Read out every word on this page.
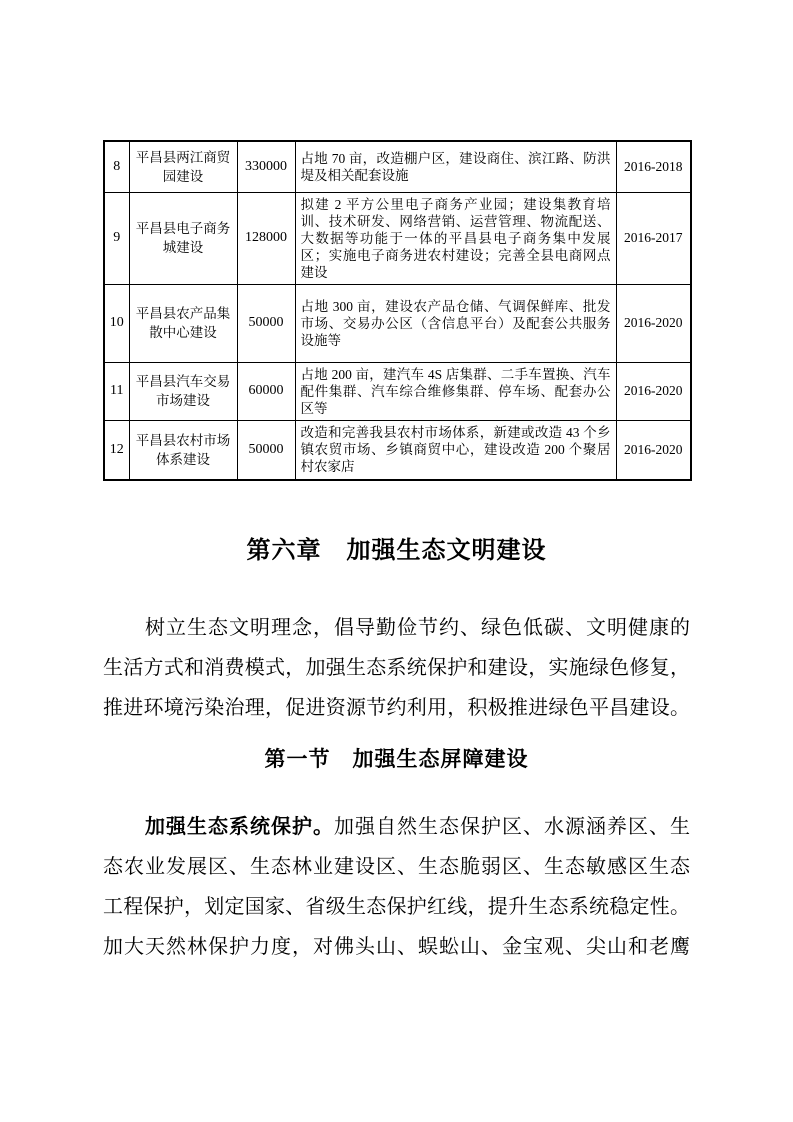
8	平昌县两江商贸园建设	330000	占地 70 亩，改造棚户区，建设商住、滨江路、防洪堤及相关配套设施	2016-2018
9	平昌县电子商务城建设	128000	拟建 2 平方公里电子商务产业园；建设集教育培训、技术研发、网络营销、运营管理、物流配送、大数据等功能于一体的平昌县电子商务集中发展区；实施电子商务进农村建设；完善全县电商网点建设	2016-2017
10	平昌县农产品集散中心建设	50000	占地 300 亩，建设农产品仓储、气调保鲜库、批发市场、交易办公区（含信息平台）及配套公共服务设施等	2016-2020
11	平昌县汽车交易市场建设	60000	占地 200 亩，建汽车 4S 店集群、二手车置换、汽车配件集群、汽车综合维修集群、停车场、配套办公区等	2016-2020
12	平昌县农村市场体系建设	50000	改造和完善我县农村市场体系，新建或改造 43 个乡镇农贸市场、乡镇商贸中心，建设改造 200 个聚居村农家店	2016-2020
第六章　加强生态文明建设
树立生态文明理念，倡导勤俭节约、绿色低碳、文明健康的
生活方式和消费模式，加强生态系统保护和建设，实施绿色修复，
推进环境污染治理，促进资源节约利用，积极推进绿色平昌建设。
第一节　加强生态屏障建设
加强生态系统保护。加强自然生态保护区、水源涵养区、生
态农业发展区、生态林业建设区、生态脆弱区、生态敏感区生态
工程保护，划定国家、省级生态保护红线，提升生态系统稳定性。
加大天然林保护力度，对佛头山、蜈蚣山、金宝观、尖山和老鹰
